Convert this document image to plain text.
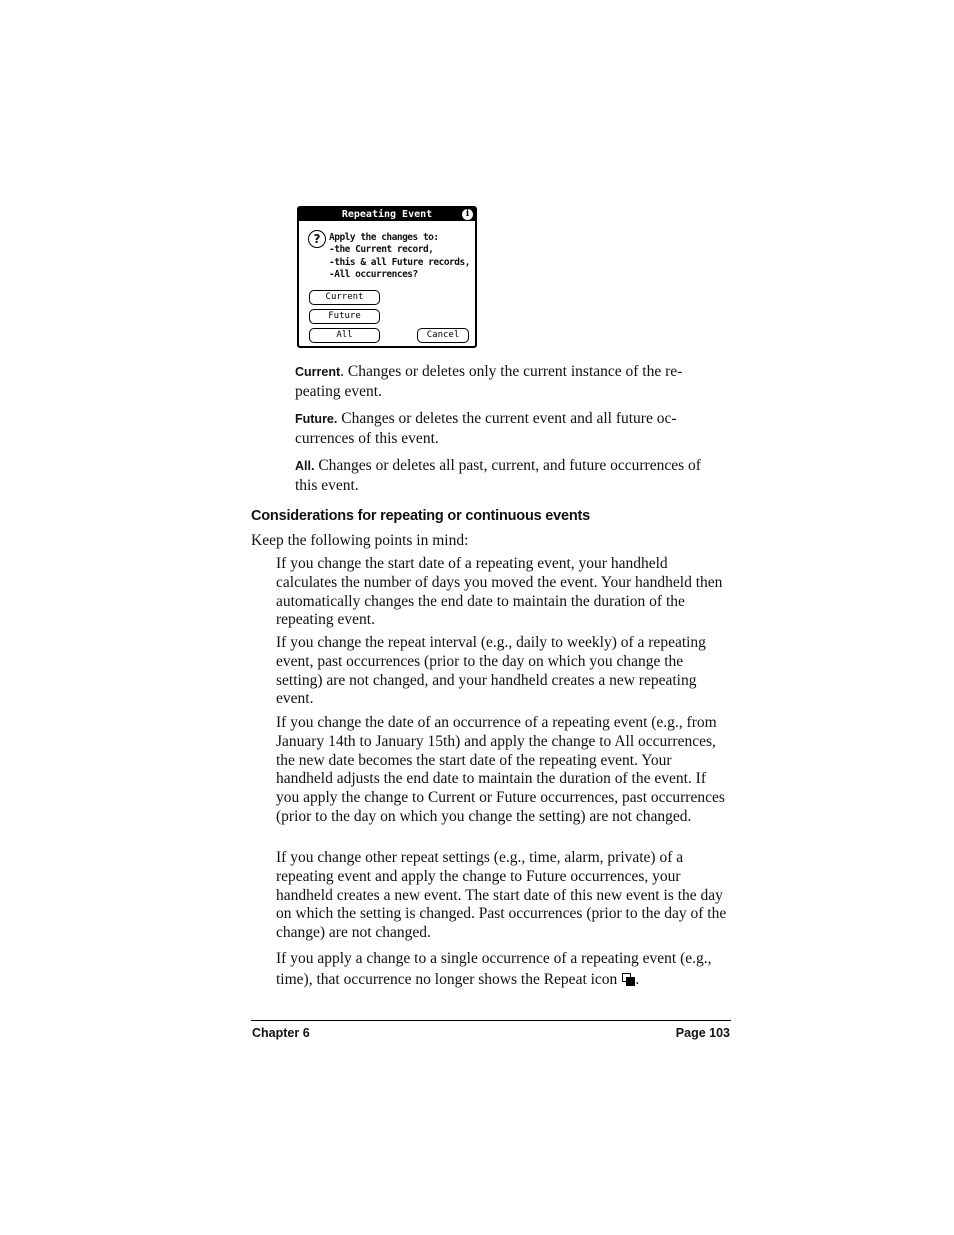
Repeating Event	i
? Apply the changes to:
-the Current record,
-this & all Future records,
-All occurrences?
Current
Future
All	Cancel
Current. Changes or deletes only the current instance of the re-peating event.
Future. Changes or deletes the current event and all future oc-currences of this event.
All. Changes or deletes all past, current, and future occurrences of this event.
Considerations for repeating or continuous events
Keep the following points in mind:
If you change the start date of a repeating event, your handheld calculates the number of days you moved the event. Your handheld then automatically changes the end date to maintain the duration of the repeating event.
If you change the repeat interval (e.g., daily to weekly) of a repeating event, past occurrences (prior to the day on which you change the setting) are not changed, and your handheld creates a new repeating event.
If you change the date of an occurrence of a repeating event (e.g., from January 14th to January 15th) and apply the change to All occurrences, the new date becomes the start date of the repeating event. Your handheld adjusts the end date to maintain the duration of the event. If you apply the change to Current or Future occurrences, past occurrences (prior to the day on which you change the setting) are not changed.
If you change other repeat settings (e.g., time, alarm, private) of a repeating event and apply the change to Future occurrences, your handheld creates a new event. The start date of this new event is the day on which the setting is changed. Past occurrences (prior to the day of the change) are not changed.
If you apply a change to a single occurrence of a repeating event (e.g., time), that occurrence no longer shows the Repeat icon .
Chapter 6	Page 103
